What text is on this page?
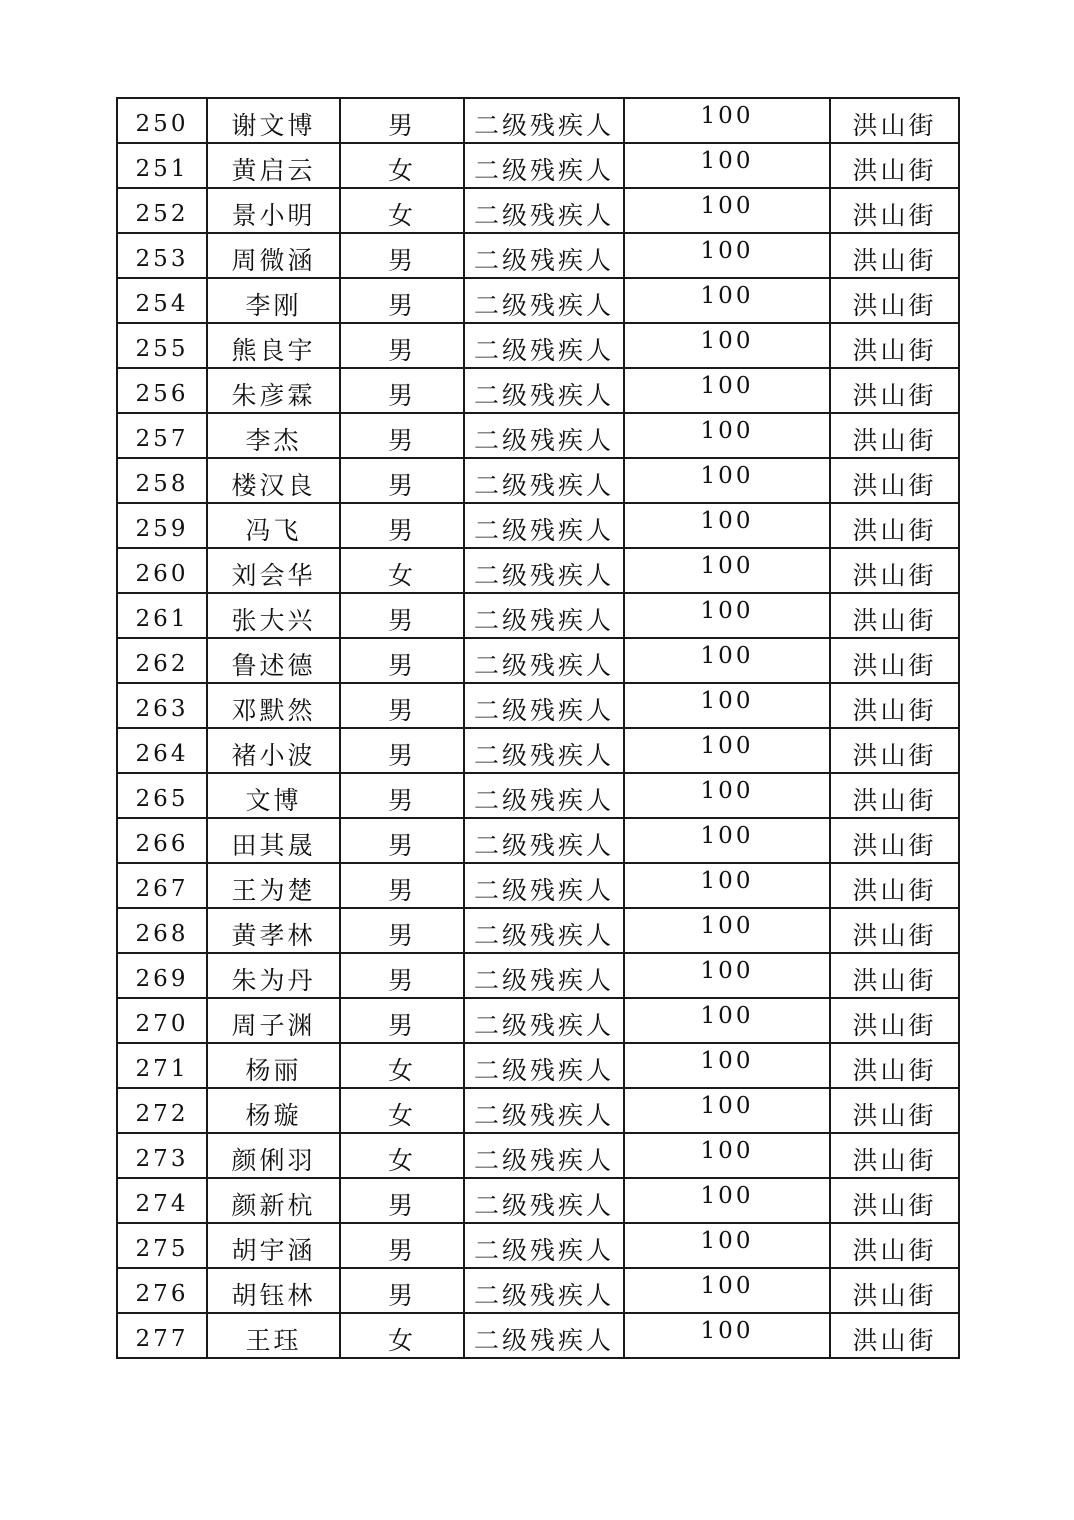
250	谢文博	男	二级残疾人	100	洪山街
251	黄启云	女	二级残疾人	100	洪山街
252	景小明	女	二级残疾人	100	洪山街
253	周微涵	男	二级残疾人	100	洪山街
254	李刚	男	二级残疾人	100	洪山街
255	熊良宇	男	二级残疾人	100	洪山街
256	朱彦霖	男	二级残疾人	100	洪山街
257	李杰	男	二级残疾人	100	洪山街
258	楼汉良	男	二级残疾人	100	洪山街
259	冯飞	男	二级残疾人	100	洪山街
260	刘会华	女	二级残疾人	100	洪山街
261	张大兴	男	二级残疾人	100	洪山街
262	鲁述德	男	二级残疾人	100	洪山街
263	邓默然	男	二级残疾人	100	洪山街
264	褚小波	男	二级残疾人	100	洪山街
265	文博	男	二级残疾人	100	洪山街
266	田其晟	男	二级残疾人	100	洪山街
267	王为楚	男	二级残疾人	100	洪山街
268	黄孝林	男	二级残疾人	100	洪山街
269	朱为丹	男	二级残疾人	100	洪山街
270	周子渊	男	二级残疾人	100	洪山街
271	杨丽	女	二级残疾人	100	洪山街
272	杨璇	女	二级残疾人	100	洪山街
273	颜俐羽	女	二级残疾人	100	洪山街
274	颜新杭	男	二级残疾人	100	洪山街
275	胡宇涵	男	二级残疾人	100	洪山街
276	胡钰林	男	二级残疾人	100	洪山街
277	王珏	女	二级残疾人	100	洪山街
